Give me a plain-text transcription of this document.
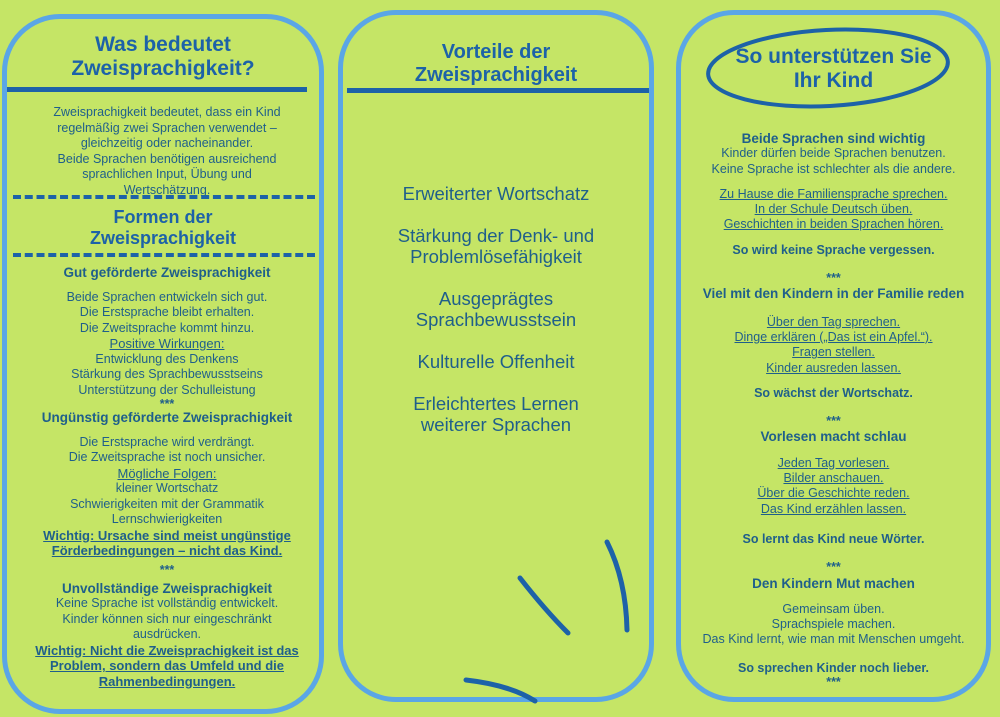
Was bedeutet
Zweisprachigkeit?
Zweisprachigkeit bedeutet, dass ein Kind
regelmäßig zwei Sprachen verwendet –
gleichzeitig oder nacheinander.
Beide Sprachen benötigen ausreichend
sprachlichen Input, Übung und
Wertschätzung.
Formen der
Zweisprachigkeit
Gut geförderte Zweisprachigkeit
Beide Sprachen entwickeln sich gut.
Die Erstsprache bleibt erhalten.
Die Zweitsprache kommt hinzu.
Positive Wirkungen:
Entwicklung des Denkens
Stärkung des Sprachbewusstseins
Unterstützung der Schulleistung
***
Ungünstig geförderte Zweisprachigkeit
Die Erstsprache wird verdrängt.
Die Zweitsprache ist noch unsicher.
Mögliche Folgen:
kleiner Wortschatz
Schwierigkeiten mit der Grammatik
Lernschwierigkeiten
Wichtig: Ursache sind meist ungünstige
Förderbedingungen – nicht das Kind.
***
Unvollständige Zweisprachigkeit
Keine Sprache ist vollständig entwickelt.
Kinder können sich nur eingeschränkt
ausdrücken.
Wichtig: Nicht die Zweisprachigkeit ist das
Problem, sondern das Umfeld und die
Rahmenbedingungen.
Vorteile der
Zweisprachigkeit
Erweiterter Wortschatz
Stärkung der Denk- und
Problemlösefähigkeit
Ausgeprägtes
Sprachbewusstsein
Kulturelle Offenheit
Erleichtertes Lernen
weiterer Sprachen
So unterstützen Sie
Ihr Kind
Beide Sprachen sind wichtig
Kinder dürfen beide Sprachen benutzen.
Keine Sprache ist schlechter als die andere.
Zu Hause die Familiensprache sprechen.
In der Schule Deutsch üben.
Geschichten in beiden Sprachen hören.
So wird keine Sprache vergessen.
***
Viel mit den Kindern in der Familie reden
Über den Tag sprechen.
Dinge erklären („Das ist ein Apfel.“).
Fragen stellen.
Kinder ausreden lassen.
So wächst der Wortschatz.
***
Vorlesen macht schlau
Jeden Tag vorlesen.
Bilder anschauen.
Über die Geschichte reden.
Das Kind erzählen lassen.
So lernt das Kind neue Wörter.
***
Den Kindern Mut machen
Gemeinsam üben.
Sprachspiele machen.
Das Kind lernt, wie man mit Menschen umgeht.
So sprechen Kinder noch lieber.
***
